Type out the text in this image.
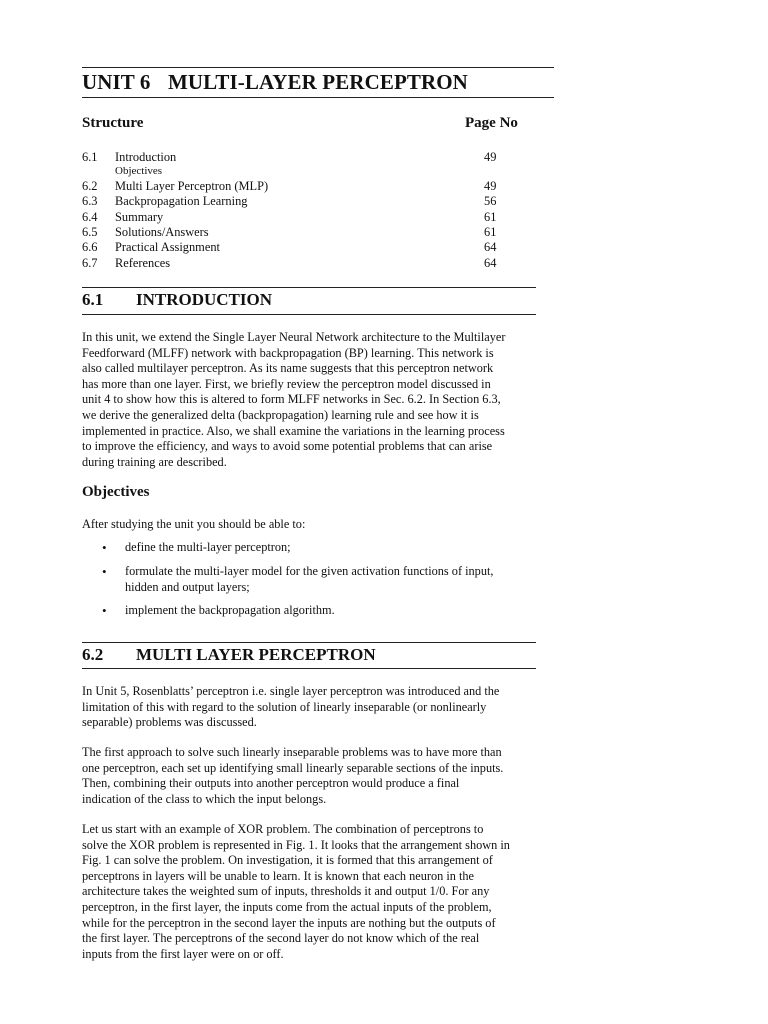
UNIT 6 MULTI-LAYER PERCEPTRON
Structure	Page No
6.1 Introduction	49
Objectives
6.2 Multi Layer Perceptron (MLP)	49
6.3 Backpropagation Learning	56
6.4 Summary	61
6.5 Solutions/Answers	61
6.6 Practical Assignment	64
6.7 References	64
6.1 INTRODUCTION
In this unit, we extend the Single Layer Neural Network architecture to the Multilayer
Feedforward (MLFF) network with backpropagation (BP) learning. This network is
also called multilayer perceptron. As its name suggests that this perceptron network
has more than one layer. First, we briefly review the perceptron model discussed in
unit 4 to show how this is altered to form MLFF networks in Sec. 6.2. In Section 6.3,
we derive the generalized delta (backpropagation) learning rule and see how it is
implemented in practice. Also, we shall examine the variations in the learning process
to improve the efficiency, and ways to avoid some potential problems that can arise
during training are described.
Objectives
After studying the unit you should be able to:
• define the multi-layer perceptron;
• formulate the multi-layer model for the given activation functions of input,
hidden and output layers;
• implement the backpropagation algorithm.
6.2 MULTI LAYER PERCEPTRON
In Unit 5, Rosenblatts’ perceptron i.e. single layer perceptron was introduced and the
limitation of this with regard to the solution of linearly inseparable (or nonlinearly
separable) problems was discussed.
The first approach to solve such linearly inseparable problems was to have more than
one perceptron, each set up identifying small linearly separable sections of the inputs.
Then, combining their outputs into another perceptron would produce a final
indication of the class to which the input belongs.
Let us start with an example of XOR problem. The combination of perceptrons to
solve the XOR problem is represented in Fig. 1. It looks that the arrangement shown in
Fig. 1 can solve the problem. On investigation, it is formed that this arrangement of
perceptrons in layers will be unable to learn. It is known that each neuron in the
architecture takes the weighted sum of inputs, thresholds it and output 1/0. For any
perceptron, in the first layer, the inputs come from the actual inputs of the problem,
while for the perceptron in the second layer the inputs are nothing but the outputs of
the first layer. The perceptrons of the second layer do not know which of the real
inputs from the first layer were on or off.
